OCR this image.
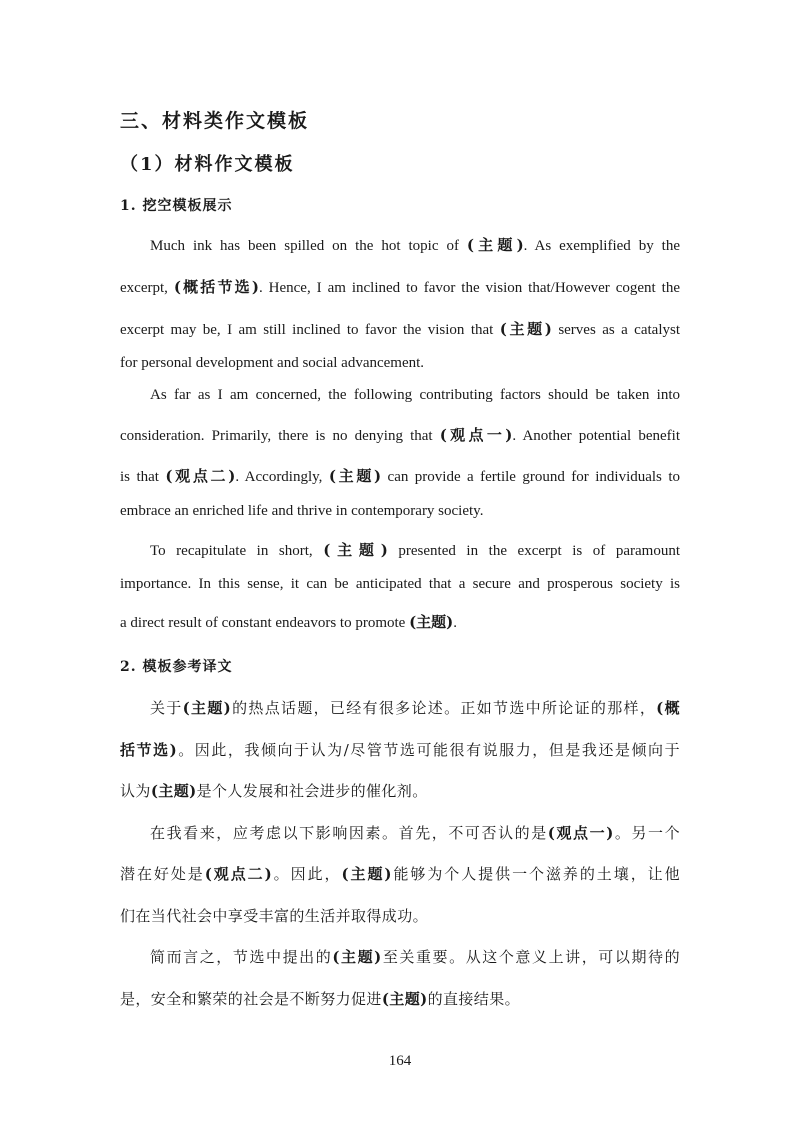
三、材料类作文模板
（1）材料作文模板
1. 挖空模板展示

Much ink has been spilled on the hot topic of (主题). As exemplified by the

excerpt, (概括节选). Hence, I am inclined to favor the vision that/However cogent the

excerpt may be, I am still inclined to favor the vision that (主题) serves as a catalyst

for personal development and social advancement.

As far as I am concerned, the following contributing factors should be taken into

consideration. Primarily, there is no denying that (观点一). Another potential benefit

is that (观点二). Accordingly, (主题) can provide a fertile ground for individuals to

embrace an enriched life and thrive in contemporary society.

To recapitulate in short, (主题) presented in the excerpt is of paramount

importance. In this sense, it can be anticipated that a secure and prosperous society is

a direct result of constant endeavors to promote (主题).

2. 模板参考译文

关于(主题)的热点话题，已经有很多论述。正如节选中所论证的那样，(概

括节选)。因此，我倾向于认为/尽管节选可能很有说服力，但是我还是倾向于

认为(主题)是个人发展和社会进步的催化剂。

在我看来，应考虑以下影响因素。首先，不可否认的是(观点一)。另一个

潜在好处是(观点二)。因此，(主题)能够为个人提供一个滋养的土壤，让他

们在当代社会中享受丰富的生活并取得成功。

简而言之，节选中提出的(主题)至关重要。从这个意义上讲，可以期待的

是，安全和繁荣的社会是不断努力促进(主题)的直接结果。

164
